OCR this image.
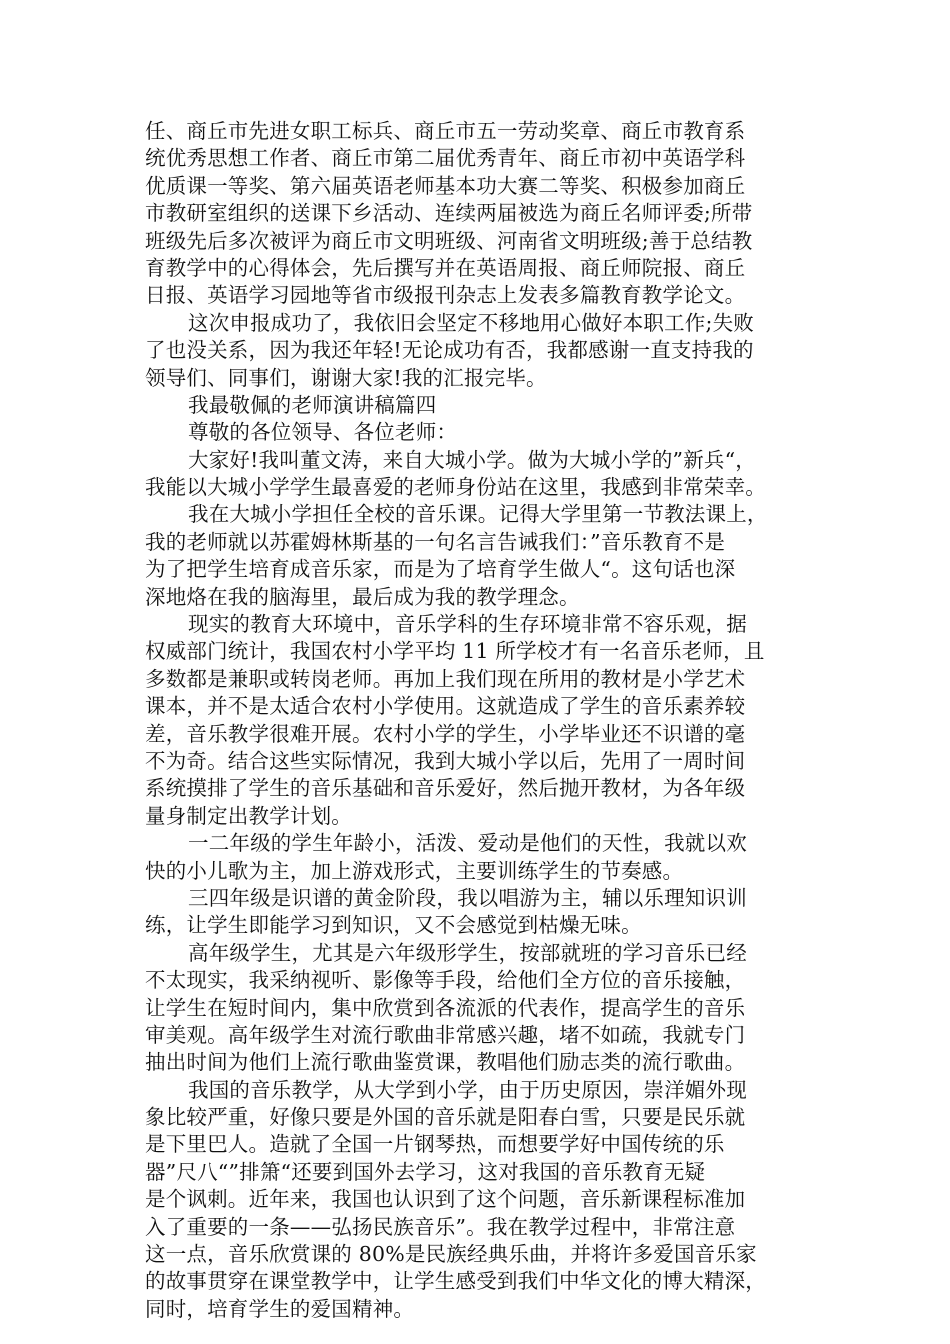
任、商丘市先进女职工标兵、商丘市五一劳动奖章、商丘市教育系
统优秀思想工作者、商丘市第二届优秀青年、商丘市初中英语学科
优质课一等奖、第六届英语老师基本功大赛二等奖、积极参加商丘
市教研室组织的送课下乡活动、连续两届被选为商丘名师评委;所带
班级先后多次被评为商丘市文明班级、河南省文明班级;善于总结教
育教学中的心得体会，先后撰写并在英语周报、商丘师院报、商丘
日报、英语学习园地等省市级报刊杂志上发表多篇教育教学论文。
这次申报成功了，我依旧会坚定不移地用心做好本职工作;失败
了也没关系，因为我还年轻!无论成功有否，我都感谢一直支持我的
领导们、同事们，谢谢大家!我的汇报完毕。
我最敬佩的老师演讲稿篇四
尊敬的各位领导、各位老师：
大家好!我叫董文涛，来自大城小学。做为大城小学的”新兵“，
我能以大城小学学生最喜爱的老师身份站在这里，我感到非常荣幸。
我在大城小学担任全校的音乐课。记得大学里第一节教法课上，
我的老师就以苏霍姆林斯基的一句名言告诫我们：”音乐教育不是
为了把学生培育成音乐家，而是为了培育学生做人“。这句话也深
深地烙在我的脑海里，最后成为我的教学理念。
现实的教育大环境中，音乐学科的生存环境非常不容乐观，据
权威部门统计，我国农村小学平均 11 所学校才有一名音乐老师，且
多数都是兼职或转岗老师。再加上我们现在所用的教材是小学艺术
课本，并不是太适合农村小学使用。这就造成了学生的音乐素养较
差，音乐教学很难开展。农村小学的学生，小学毕业还不识谱的毫
不为奇。结合这些实际情况，我到大城小学以后，先用了一周时间
系统摸排了学生的音乐基础和音乐爱好，然后抛开教材，为各年级
量身制定出教学计划。
一二年级的学生年龄小，活泼、爱动是他们的天性，我就以欢
快的小儿歌为主，加上游戏形式，主要训练学生的节奏感。
三四年级是识谱的黄金阶段，我以唱游为主，辅以乐理知识训
练，让学生即能学习到知识，又不会感觉到枯燥无味。
高年级学生，尤其是六年级形学生，按部就班的学习音乐已经
不太现实，我采纳视听、影像等手段，给他们全方位的音乐接触，
让学生在短时间内，集中欣赏到各流派的代表作，提高学生的音乐
审美观。高年级学生对流行歌曲非常感兴趣，堵不如疏，我就专门
抽出时间为他们上流行歌曲鉴赏课，教唱他们励志类的流行歌曲。
我国的音乐教学，从大学到小学，由于历史原因，崇洋媚外现
象比较严重，好像只要是外国的音乐就是阳春白雪，只要是民乐就
是下里巴人。造就了全国一片钢琴热，而想要学好中国传统的乐
器”尺八“”排箫“还要到国外去学习，这对我国的音乐教育无疑
是个讽刺。近年来，我国也认识到了这个问题，音乐新课程标准加
入了重要的一条——弘扬民族音乐”。我在教学过程中，非常注意
这一点，音乐欣赏课的 80%是民族经典乐曲，并将许多爱国音乐家
的故事贯穿在课堂教学中，让学生感受到我们中华文化的博大精深，
同时，培育学生的爱国精神。
